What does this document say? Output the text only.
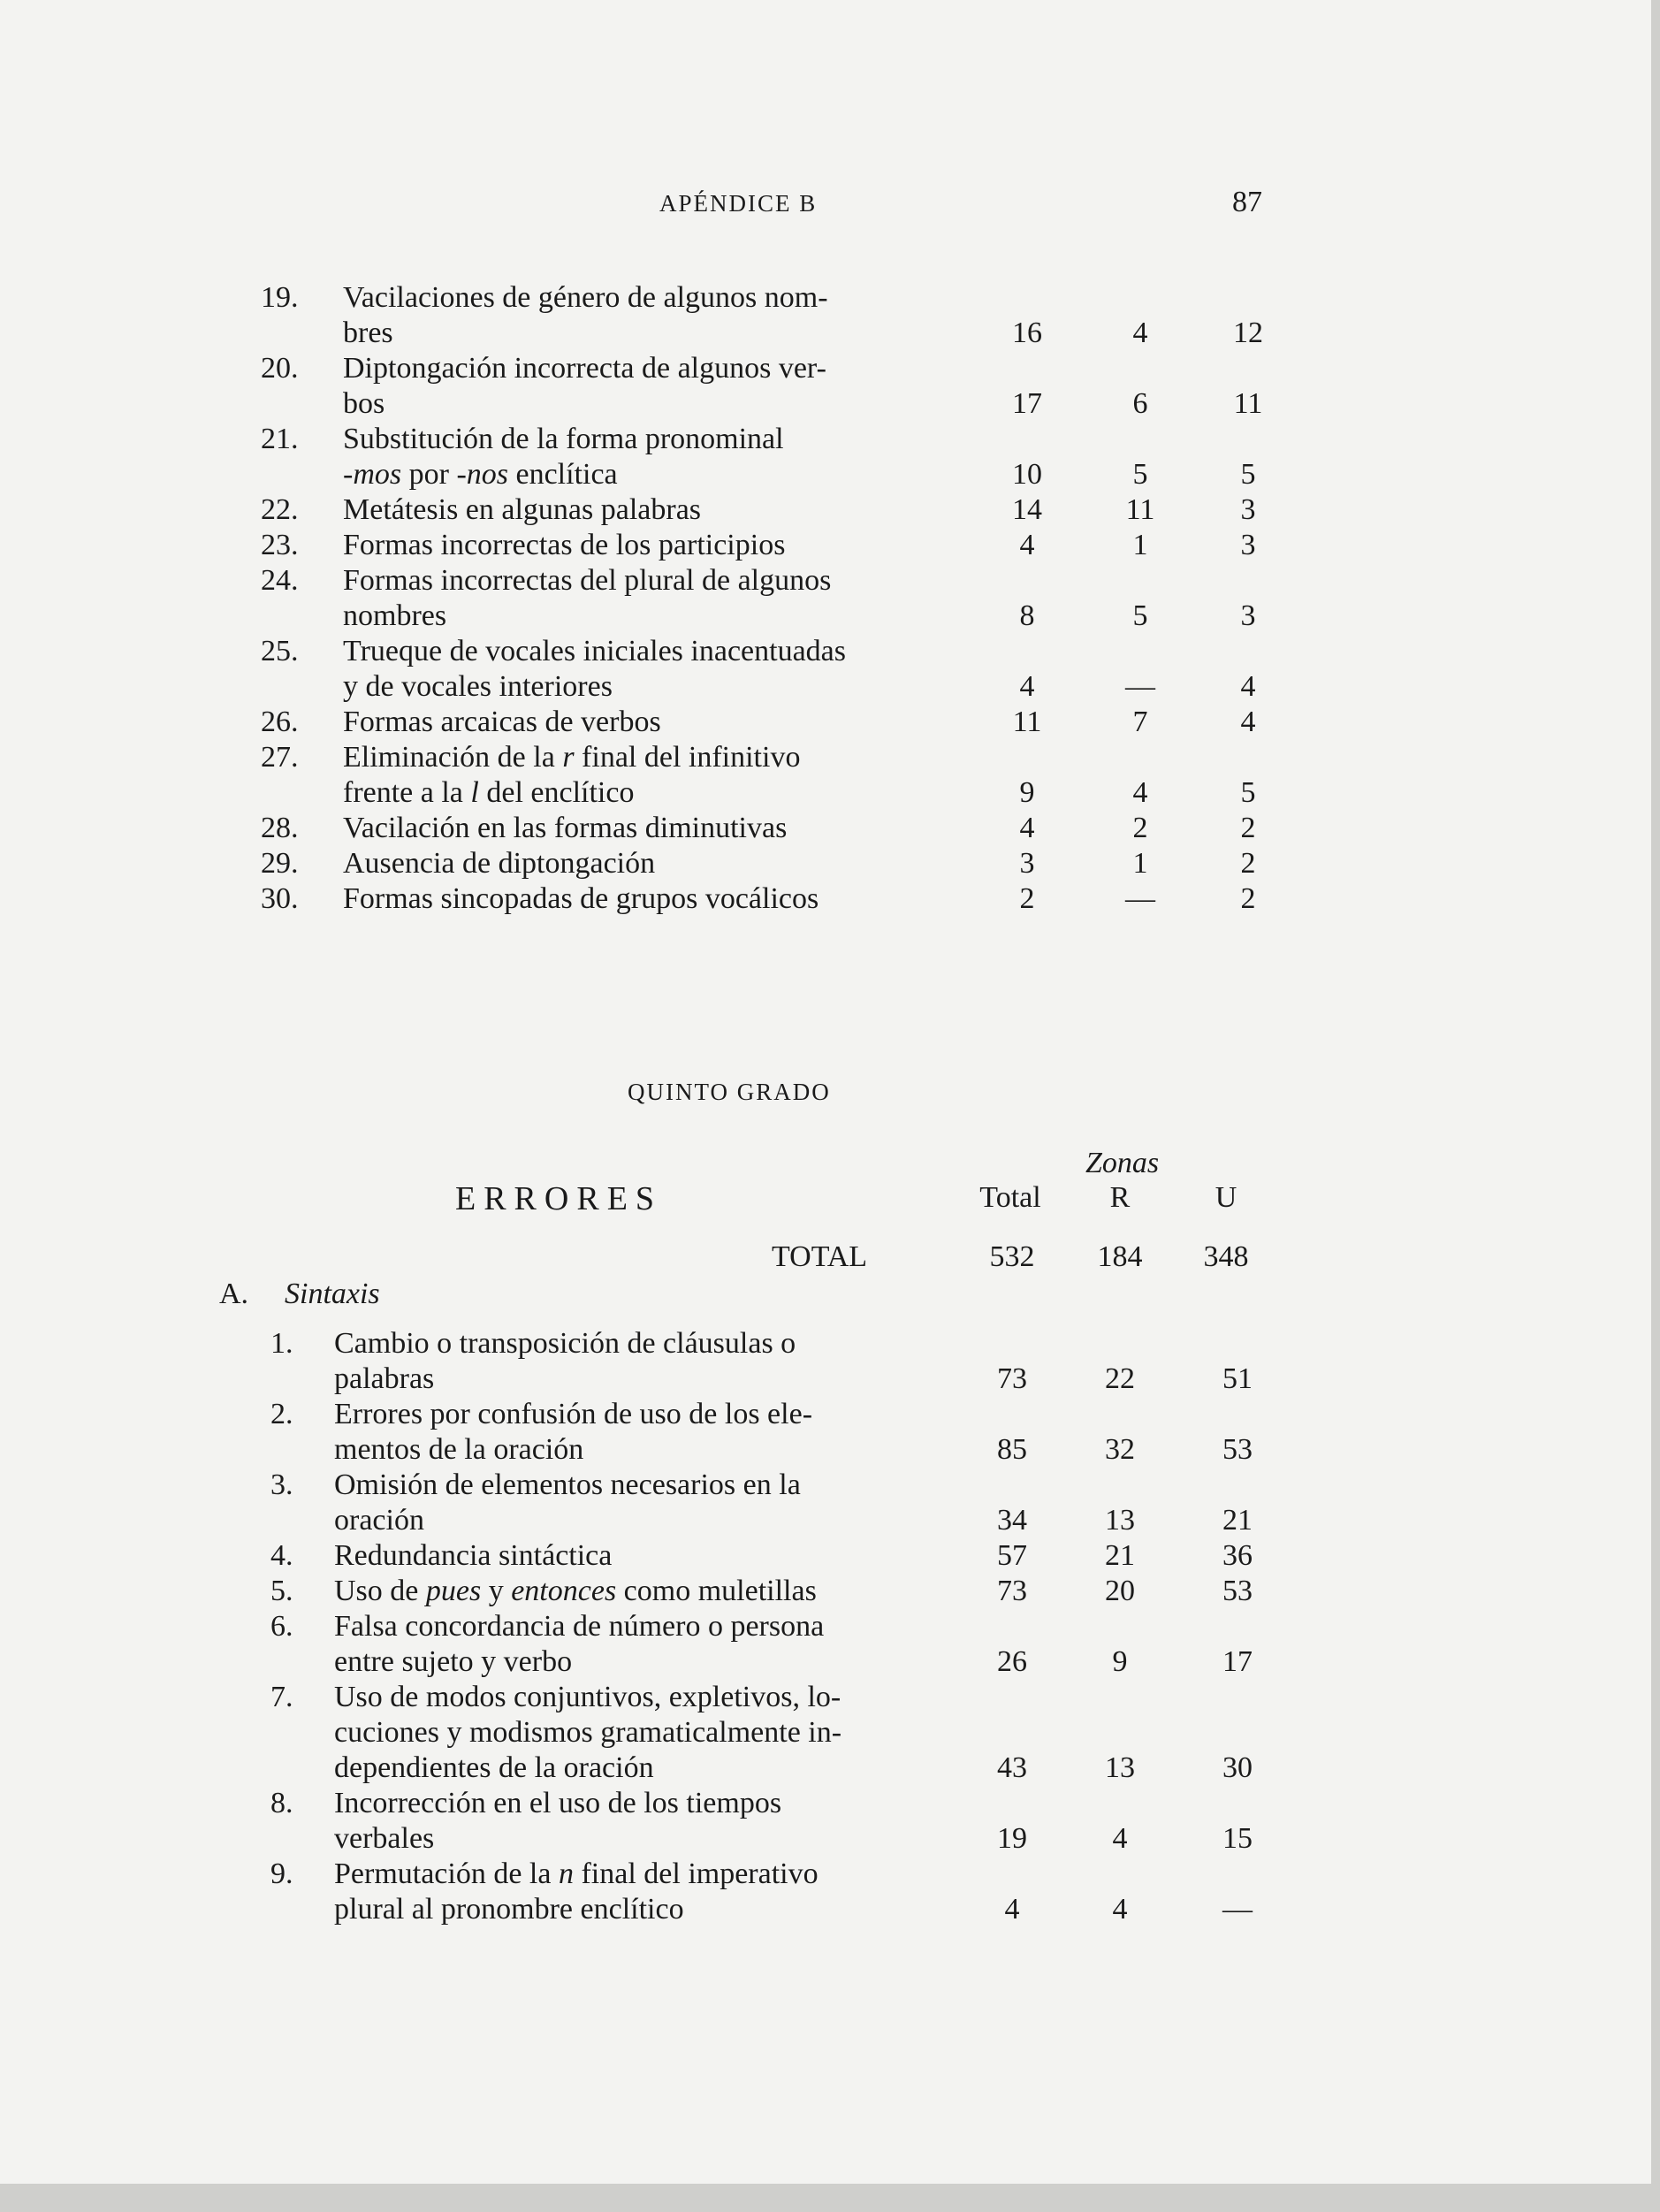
APÉNDICE B	87
19. Vacilaciones de género de algunos nom-
bres	16	4	12
20. Diptongación incorrecta de algunos ver-
bos	17	6	11
21. Substitución de la forma pronominal
-mos por -nos enclítica	10	5	5
22. Metátesis en algunas palabras	14	11	3
23. Formas incorrectas de los participios	4	1	3
24. Formas incorrectas del plural de algunos
nombres	8	5	3
25. Trueque de vocales iniciales inacentuadas
y de vocales interiores	4	—	4
26. Formas arcaicas de verbos	11	7	4
27. Eliminación de la r final del infinitivo
frente a la l del enclítico	9	4	5
28. Vacilación en las formas diminutivas	4	2	2
29. Ausencia de diptongación	3	1	2
30. Formas sincopadas de grupos vocálicos	2	—	2
QUINTO GRADO
Zonas
ERRORES	Total	R	U
TOTAL	532	184	348
A. Sintaxis
1. Cambio o transposición de cláusulas o
palabras	73	22	51
2. Errores por confusión de uso de los ele-
mentos de la oración	85	32	53
3. Omisión de elementos necesarios en la
oración	34	13	21
4. Redundancia sintáctica	57	21	36
5. Uso de pues y entonces como muletillas	73	20	53
6. Falsa concordancia de número o persona
entre sujeto y verbo	26	9	17
7. Uso de modos conjuntivos, expletivos, lo-
cuciones y modismos gramaticalmente in-
dependientes de la oración	43	13	30
8. Incorrección en el uso de los tiempos
verbales	19	4	15
9. Permutación de la n final del imperativo
plural al pronombre enclítico	4	4	—
